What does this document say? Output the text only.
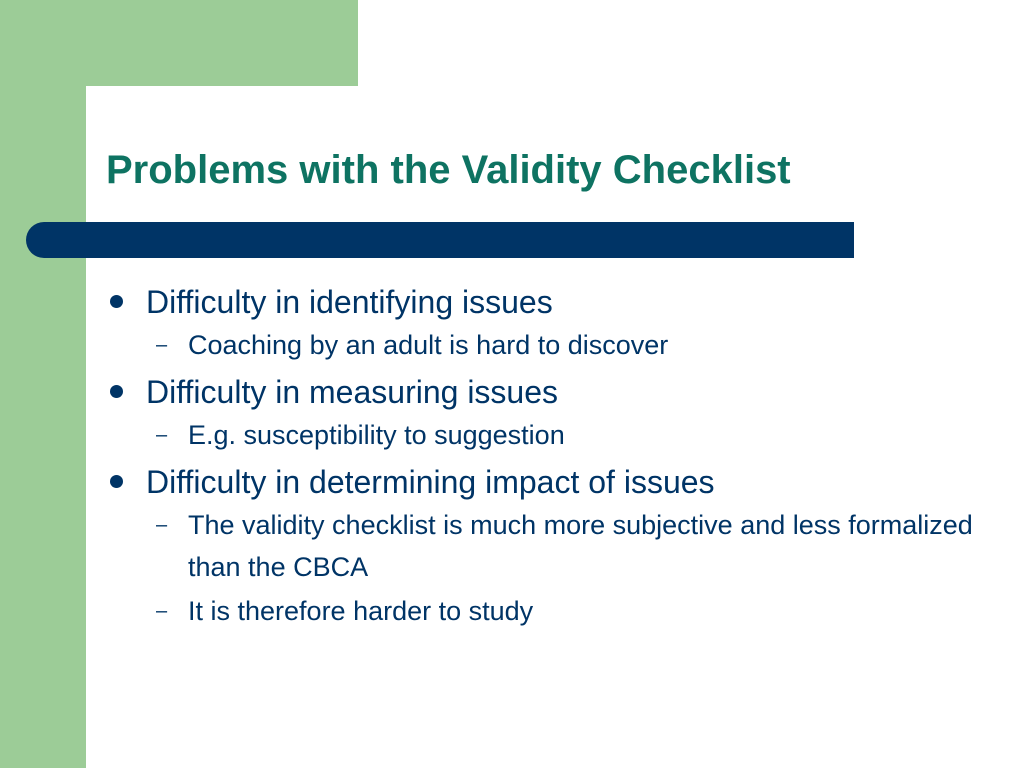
Problems with the Validity Checklist
Difficulty in identifying issues
– Coaching by an adult is hard to discover
Difficulty in measuring issues
– E.g. susceptibility to suggestion
Difficulty in determining impact of issues
– The validity checklist is much more subjective and less formalized than the CBCA
– It is therefore harder to study
